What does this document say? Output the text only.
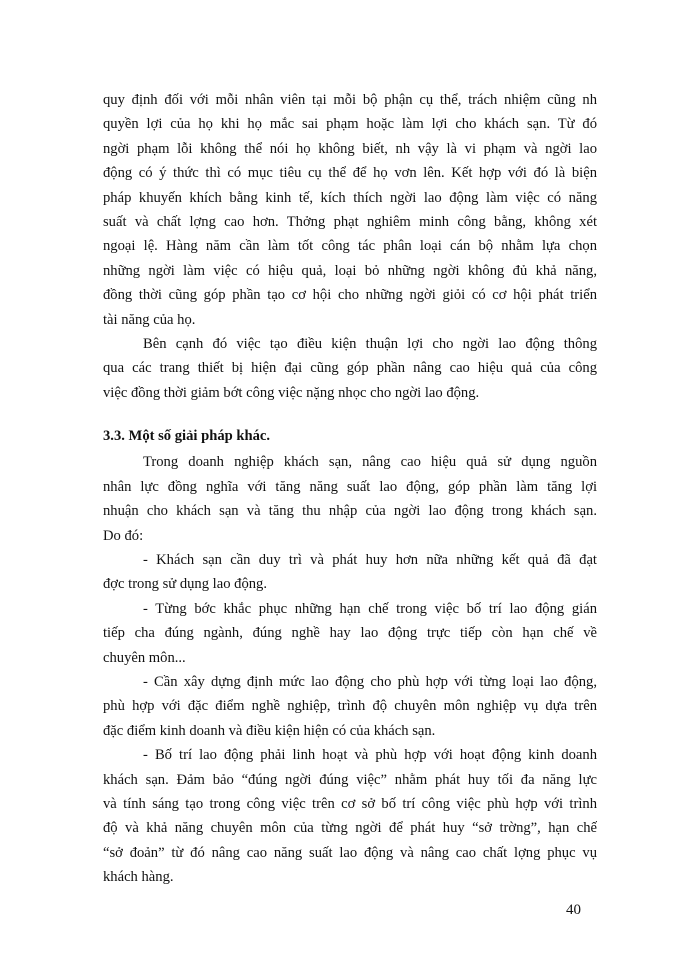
quy định đối với mỗi nhân viên tại mỗi bộ phận cụ thể, trách nhiệm cũng nh
quyền lợi của họ khi họ mắc sai phạm hoặc làm lợi cho khách sạn. Từ đó
ngời phạm lỗi không thể nói họ không biết, nh vậy là vi phạm và ngời lao
động có ý thức thì có mục tiêu cụ thể để họ vơn lên. Kết hợp với đó là biện
pháp khuyến khích bằng kinh tế, kích thích ngời lao động làm việc có năng
suất và chất lợng cao hơn. Thởng phạt nghiêm minh công bằng, không xét
ngoại lệ. Hàng năm cần làm tốt công tác phân loại cán bộ nhằm lựa chọn
những ngời làm việc có hiệu quả, loại bỏ những ngời không đủ khả năng,
đồng thời cũng góp phần tạo cơ hội cho những ngời giỏi có cơ hội phát triển
tài năng của họ.
Bên cạnh đó việc tạo điều kiện thuận lợi cho ngời lao động thông
qua các trang thiết bị hiện đại cũng góp phần nâng cao hiệu quả của công
việc đồng thời giảm bớt công việc nặng nhọc cho ngời lao động.
3.3. Một số giải pháp khác.
Trong doanh nghiệp khách sạn, nâng cao hiệu quả sử dụng nguồn
nhân lực đồng nghĩa với tăng năng suất lao động, góp phần làm tăng lợi
nhuận cho khách sạn và tăng thu nhập của ngời lao động trong khách sạn.
Do đó:
- Khách sạn cần duy trì và phát huy hơn nữa những kết quả đã đạt
đợc trong sử dụng lao động.
- Từng bớc khắc phục những hạn chế trong việc bố trí lao động gián
tiếp cha đúng ngành, đúng nghề hay lao động trực tiếp còn hạn chế về
chuyên môn...
- Cần xây dựng định mức lao động cho phù hợp với từng loại lao động,
phù hợp với đặc điểm nghề nghiệp, trình độ chuyên môn nghiệp vụ dựa trên
đặc điểm kinh doanh và điều kiện hiện có của khách sạn.
- Bố trí lao động phải linh hoạt và phù hợp với hoạt động kinh doanh
khách sạn. Đảm bảo “đúng ngời đúng việc” nhằm phát huy tối đa năng lực
và tính sáng tạo trong công việc trên cơ sở bố trí công việc phù hợp với trình
độ và khả năng chuyên môn của từng ngời để phát huy “sở trờng”, hạn chế
“sở đoản” từ đó nâng cao năng suất lao động và nâng cao chất lợng phục vụ
khách hàng.
40
